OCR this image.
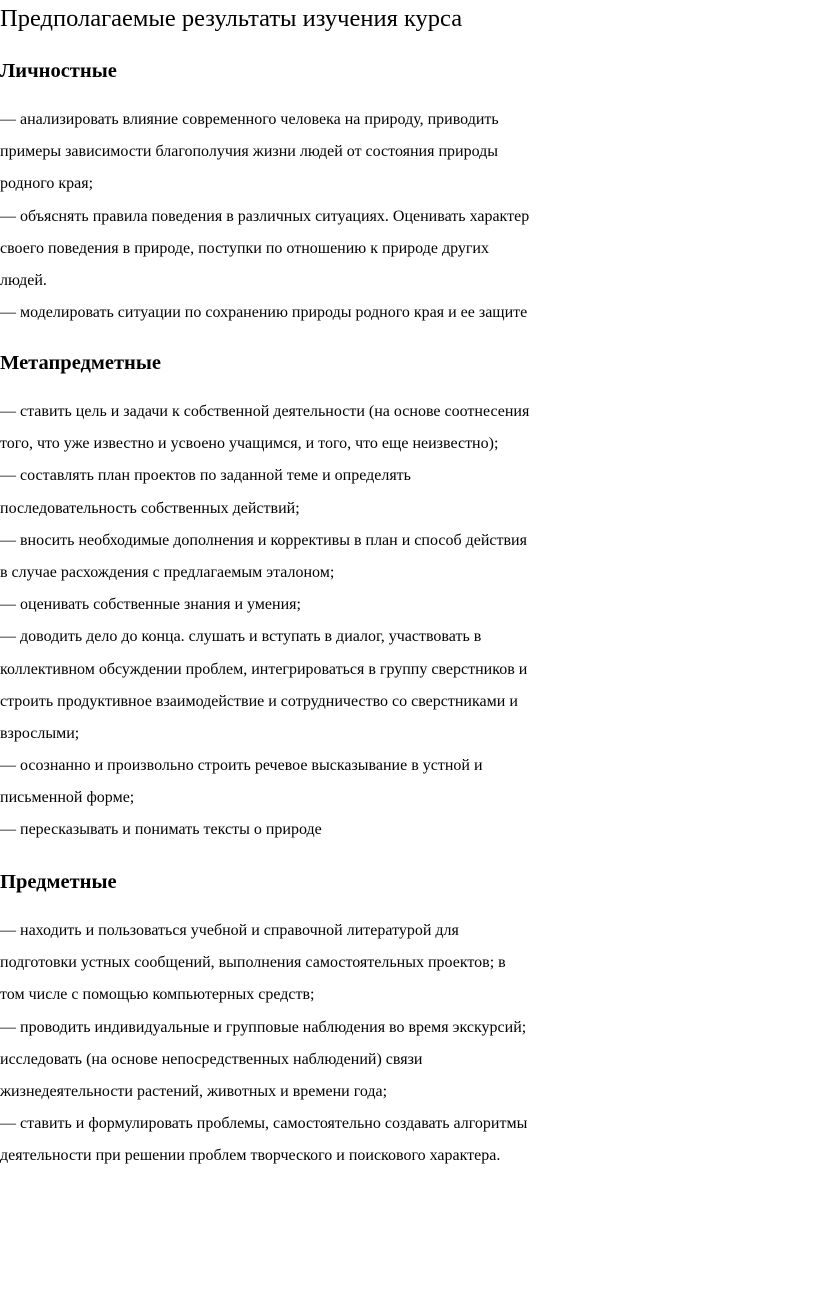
Предполагаемые результаты изучения курса
Личностные
— анализировать влияние современного человека на природу, приводить
примеры зависимости благополучия жизни людей от состояния природы
родного края;
— объяснять правила поведения в различных ситуациях. Оценивать характер
своего поведения в природе, поступки по отношению к природе других
людей.
— моделировать ситуации по сохранению природы родного края и ее защите
Метапредметные
— ставить цель и задачи к собственной деятельности (на основе соотнесения
того, что уже известно и усвоено учащимся, и того, что еще неизвестно);
— составлять план проектов по заданной теме и определять
последовательность собственных действий;
— вносить необходимые дополнения и коррективы в план и способ действия
в случае расхождения с предлагаемым эталоном;
— оценивать собственные знания и умения;
— доводить дело до конца. слушать и вступать в диалог, участвовать в
коллективном обсуждении проблем, интегрироваться в группу сверстников и
строить продуктивное взаимодействие и сотрудничество со сверстниками и
взрослыми;
— осознанно и произвольно строить речевое высказывание в устной и
письменной форме;
— пересказывать и понимать тексты о природе
Предметные
— находить и пользоваться учебной и справочной литературой для
подготовки устных сообщений, выполнения самостоятельных проектов; в
том числе с помощью компьютерных средств;
— проводить индивидуальные и групповые наблюдения во время экскурсий;
исследовать (на основе непосредственных наблюдений) связи
жизнедеятельности растений, животных и времени года;
— ставить и формулировать проблемы, самостоятельно создавать алгоритмы
деятельности при решении проблем творческого и поискового характера.
